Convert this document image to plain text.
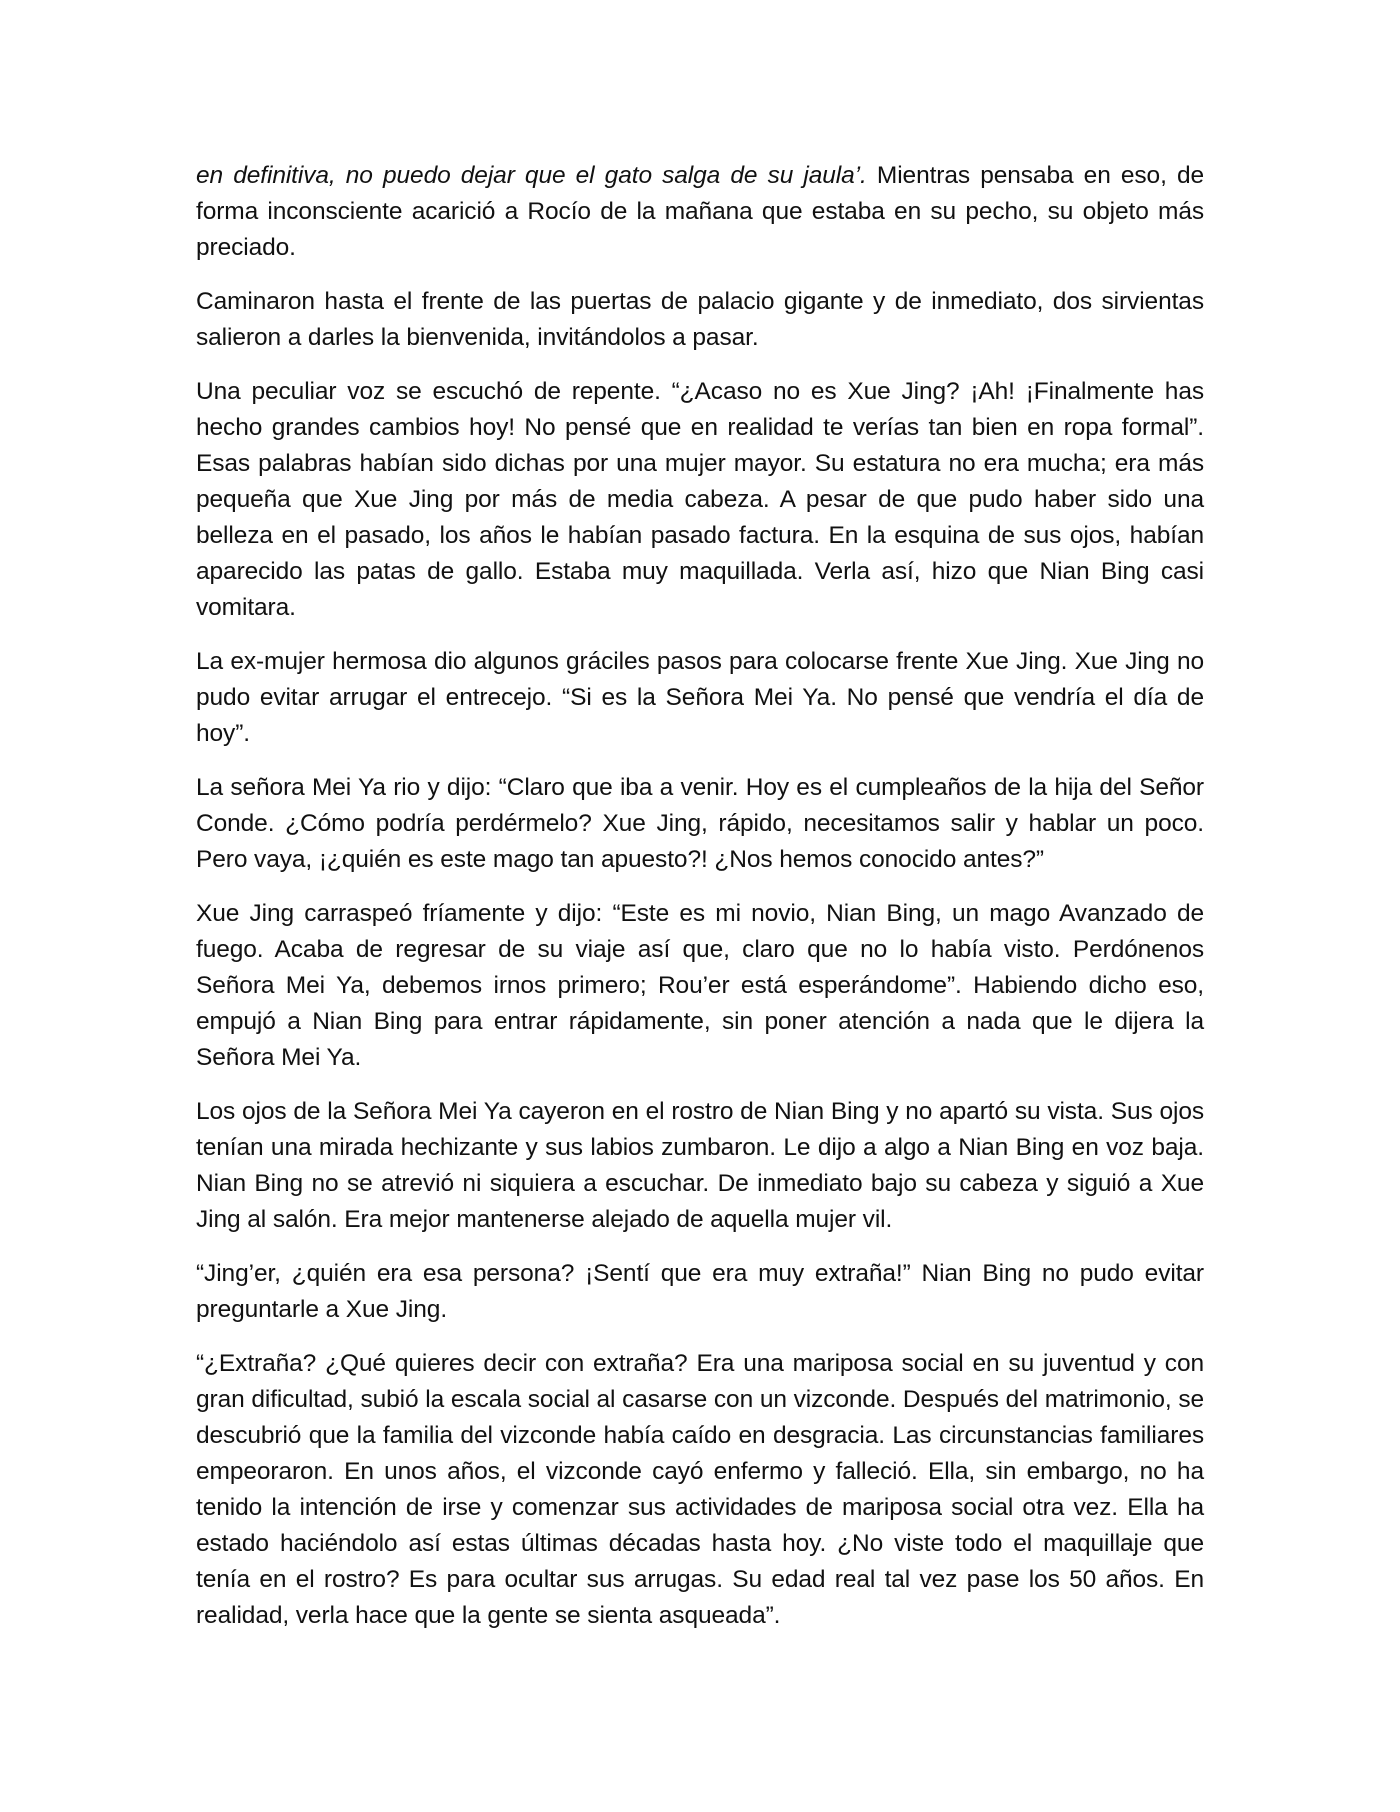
en definitiva, no puedo dejar que el gato salga de su jaula’. Mientras pensaba en eso, de forma inconsciente acarició a Rocío de la mañana que estaba en su pecho, su objeto más preciado.

Caminaron hasta el frente de las puertas de palacio gigante y de inmediato, dos sirvientas salieron a darles la bienvenida, invitándolos a pasar.

Una peculiar voz se escuchó de repente. “¿Acaso no es Xue Jing? ¡Ah! ¡Finalmente has hecho grandes cambios hoy! No pensé que en realidad te verías tan bien en ropa formal”. Esas palabras habían sido dichas por una mujer mayor. Su estatura no era mucha; era más pequeña que Xue Jing por más de media cabeza. A pesar de que pudo haber sido una belleza en el pasado, los años le habían pasado factura. En la esquina de sus ojos, habían aparecido las patas de gallo. Estaba muy maquillada. Verla así, hizo que Nian Bing casi vomitara.

La ex-mujer hermosa dio algunos gráciles pasos para colocarse frente Xue Jing. Xue Jing no pudo evitar arrugar el entrecejo. “Si es la Señora Mei Ya. No pensé que vendría el día de hoy”.

La señora Mei Ya rio y dijo: “Claro que iba a venir. Hoy es el cumpleaños de la hija del Señor Conde. ¿Cómo podría perdérmelo? Xue Jing, rápido, necesitamos salir y hablar un poco. Pero vaya, ¡¿quién es este mago tan apuesto?! ¿Nos hemos conocido antes?”

Xue Jing carraspeó fríamente y dijo: “Este es mi novio, Nian Bing, un mago Avanzado de fuego. Acaba de regresar de su viaje así que, claro que no lo había visto. Perdónenos Señora Mei Ya, debemos irnos primero; Rou’er está esperándome”. Habiendo dicho eso, empujó a Nian Bing para entrar rápidamente, sin poner atención a nada que le dijera la Señora Mei Ya.

Los ojos de la Señora Mei Ya cayeron en el rostro de Nian Bing y no apartó su vista. Sus ojos tenían una mirada hechizante y sus labios zumbaron. Le dijo a algo a Nian Bing en voz baja. Nian Bing no se atrevió ni siquiera a escuchar. De inmediato bajo su cabeza y siguió a Xue Jing al salón. Era mejor mantenerse alejado de aquella mujer vil.

“Jing’er, ¿quién era esa persona? ¡Sentí que era muy extraña!” Nian Bing no pudo evitar preguntarle a Xue Jing.

“¿Extraña? ¿Qué quieres decir con extraña? Era una mariposa social en su juventud y con gran dificultad, subió la escala social al casarse con un vizconde. Después del matrimonio, se descubrió que la familia del vizconde había caído en desgracia. Las circunstancias familiares empeoraron. En unos años, el vizconde cayó enfermo y falleció. Ella, sin embargo, no ha tenido la intención de irse y comenzar sus actividades de mariposa social otra vez. Ella ha estado haciéndolo así estas últimas décadas hasta hoy. ¿No viste todo el maquillaje que tenía en el rostro? Es para ocultar sus arrugas. Su edad real tal vez pase los 50 años. En realidad, verla hace que la gente se sienta asqueada”.
